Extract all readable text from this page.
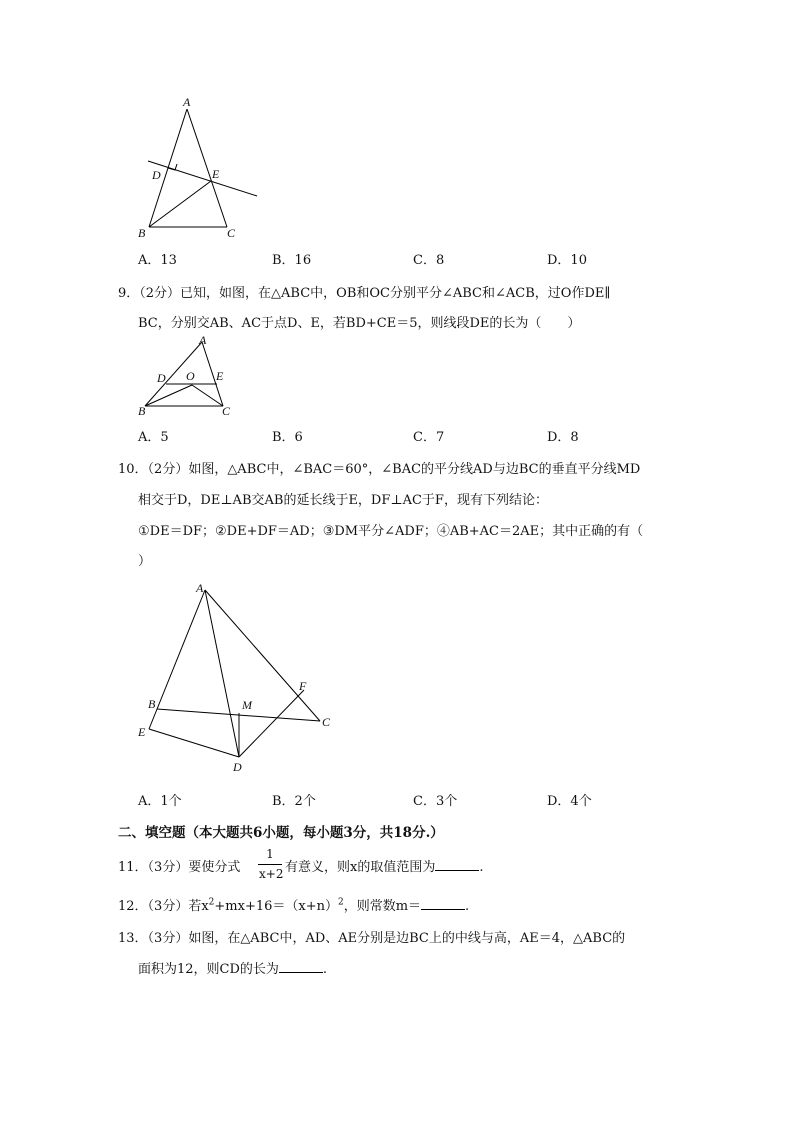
A
D	E
B	C
A．13	B．16	C．8	D．10
9．（2分）已知，如图，在△ABC中，OB和OC分别平分∠ABC和∠ACB，过O作DE∥
BC，分别交AB、AC于点D、E，若BD+CE＝5，则线段DE的长为（　　）
A
O
D	E
B	C
A．5	B．6	C．7	D．8
10．（2分）如图，△ABC中，∠BAC＝60°，∠BAC的平分线AD与边BC的垂直平分线MD
相交于D，DE⊥AB交AB的延长线于E，DF⊥AC于F，现有下列结论：
①DE＝DF；②DE+DF＝AD；③DM平分∠ADF；④AB+AC＝2AE；其中正确的有（
）
A
B	M
F
C
E
D
A．1个	B．2个	C．3个	D．4个
二、填空题（本大题共6小题，每小题3分，共18分.）
11．（3分）要使分式
1
x+2 有意义，则x的取值范围为	.
12．（3分）若$x^2+mx+16=(x+n)^2$，则常数m＝	.
13．（3分）如图，在△ABC中，AD、AE分别是边BC上的中线与高，AE＝4，△ABC的
面积为12，则CD的长为	.
